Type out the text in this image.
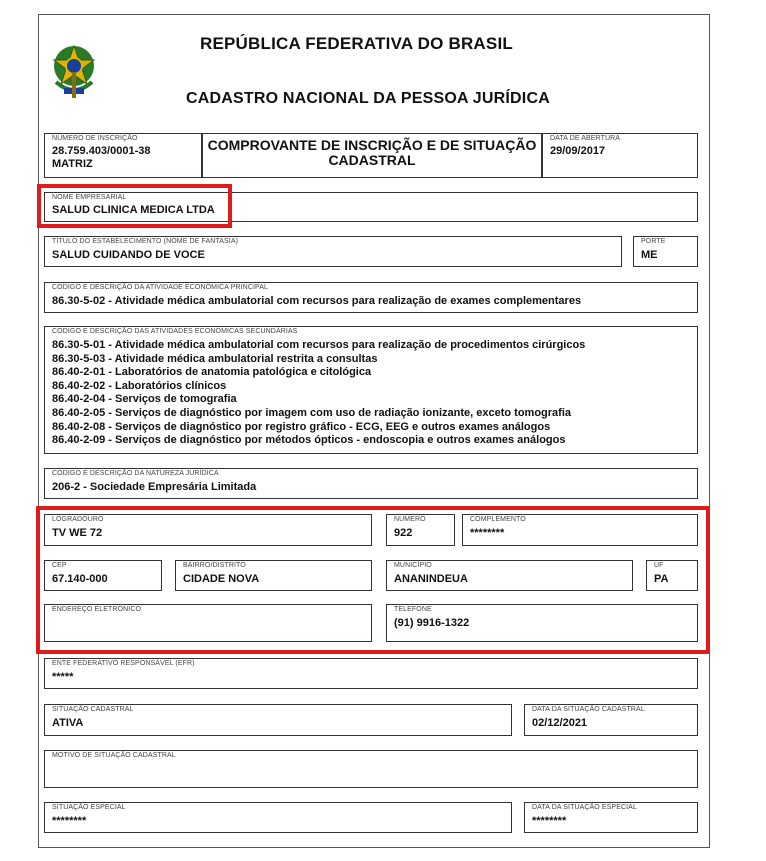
REPÚBLICA FEDERATIVA DO BRASIL
CADASTRO NACIONAL DA PESSOA JURÍDICA
NÚMERO DE INSCRIÇÃO
28.759.403/0001-38
MATRIZ
COMPROVANTE DE INSCRIÇÃO E DE SITUAÇÃO
CADASTRAL
DATA DE ABERTURA
29/09/2017
NOME EMPRESARIAL
SALUD CLINICA MEDICA LTDA
TÍTULO DO ESTABELECIMENTO (NOME DE FANTASIA)
SALUD CUIDANDO DE VOCE
PORTE
ME
CÓDIGO E DESCRIÇÃO DA ATIVIDADE ECONÔMICA PRINCIPAL
86.30-5-02 - Atividade médica ambulatorial com recursos para realização de exames complementares
CÓDIGO E DESCRIÇÃO DAS ATIVIDADES ECONÔMICAS SECUNDÁRIAS
86.30-5-01 - Atividade médica ambulatorial com recursos para realização de procedimentos cirúrgicos
86.30-5-03 - Atividade médica ambulatorial restrita a consultas
86.40-2-01 - Laboratórios de anatomia patológica e citológica
86.40-2-02 - Laboratórios clínicos
86.40-2-04 - Serviços de tomografia
86.40-2-05 - Serviços de diagnóstico por imagem com uso de radiação ionizante, exceto tomografia
86.40-2-08 - Serviços de diagnóstico por registro gráfico - ECG, EEG e outros exames análogos
86.40-2-09 - Serviços de diagnóstico por métodos ópticos - endoscopia e outros exames análogos
CÓDIGO E DESCRIÇÃO DA NATUREZA JURÍDICA
206-2 - Sociedade Empresária Limitada
LOGRADOURO
TV WE 72
NÚMERO
922
COMPLEMENTO
********
CEP
67.140-000
BAIRRO/DISTRITO
CIDADE NOVA
MUNICÍPIO
ANANINDEUA
UF
PA
ENDEREÇO ELETRÔNICO	TELEFONE
(91) 9916-1322
ENTE FEDERATIVO RESPONSÁVEL (EFR)
*****
SITUAÇÃO CADASTRAL
ATIVA
DATA DA SITUAÇÃO CADASTRAL
02/12/2021
MOTIVO DE SITUAÇÃO CADASTRAL
SITUAÇÃO ESPECIAL
********
DATA DA SITUAÇÃO ESPECIAL
********
